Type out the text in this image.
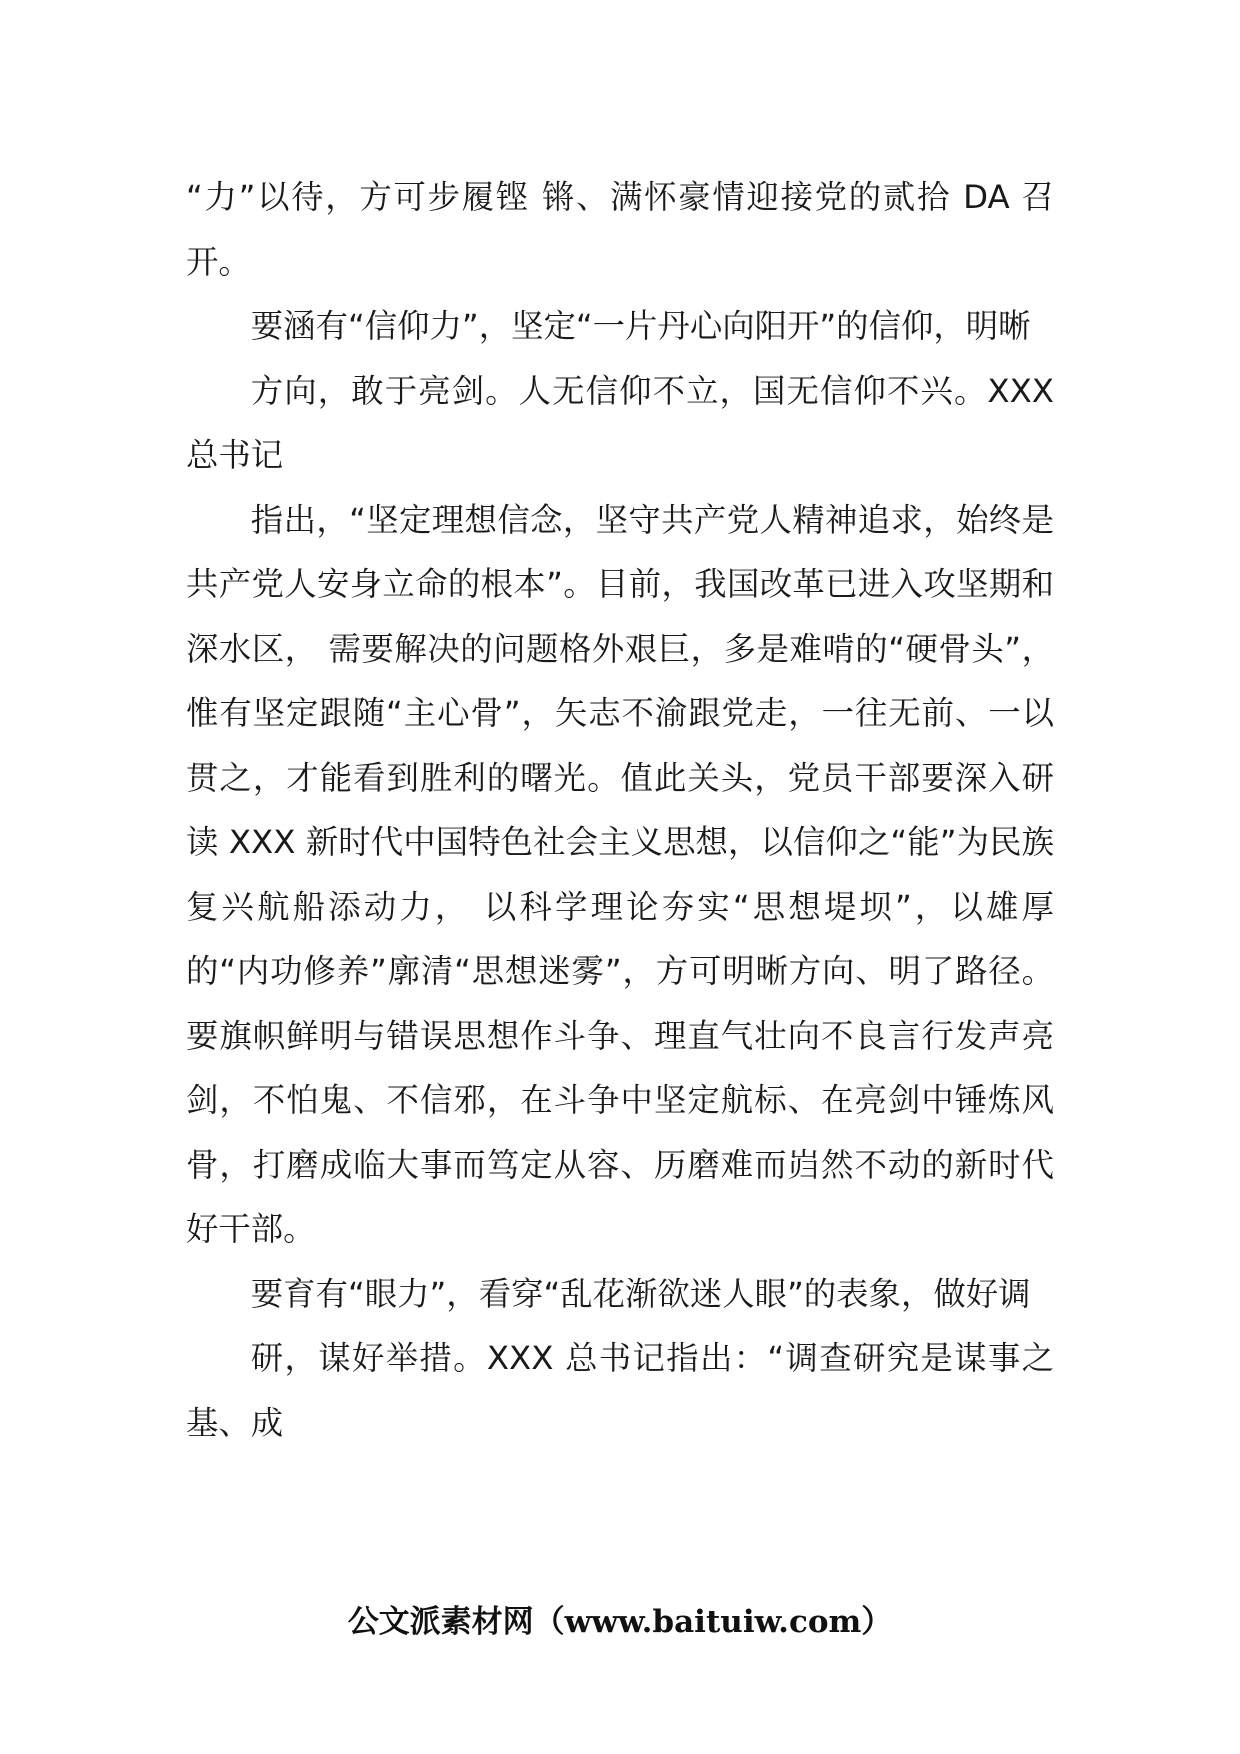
“力”以待，方可步履铿 锵、满怀豪情迎接党的贰拾 DA 召开。

要涵有“信仰力”，坚定“一片丹心向阳开”的信仰，明晰

方向，敢于亮剑。人无信仰不立，国无信仰不兴。XXX 总书记

指出，“坚定理想信念，坚守共产党人精神追求，始终是共产党人安身立命的根本”。目前，我国改革已进入攻坚期和深水区， 需要解决的问题格外艰巨，多是难啃的“硬骨头”，惟有坚定跟随“主心骨”，矢志不渝跟党走，一往无前、一以贯之，才能看到胜利的曙光。值此关头，党员干部要深入研读 XXX 新时代中国特色社会主义思想，以信仰之“能”为民族复兴航船添动力， 以科学理论夯实“思想堤坝”，以雄厚的“内功修养”廓清“思想迷雾”，方可明晰方向、明了路径。要旗帜鲜明与错误思想作斗争、理直气壮向不良言行发声亮剑，不怕鬼、不信邪，在斗争中坚定航标、在亮剑中锤炼风骨，打磨成临大事而笃定从容、历磨难而岿然不动的新时代好干部。

要育有“眼力”，看穿“乱花渐欲迷人眼”的表象，做好调

研，谋好举措。XXX 总书记指出：“调查研究是谋事之基、成

公文派素材网（www.baituiw.com）
